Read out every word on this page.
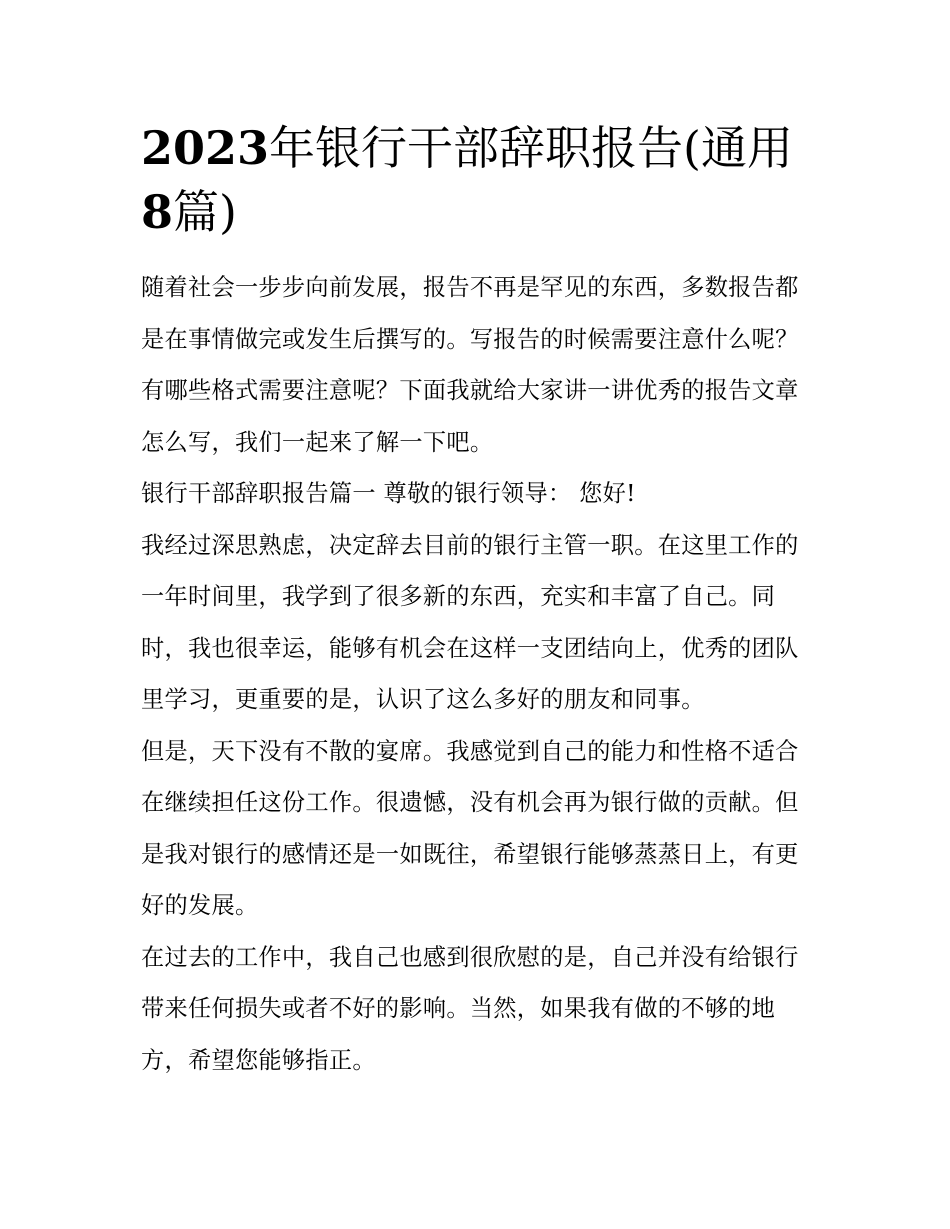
2023年银行干部辞职报告(通用
8篇)

随着社会一步步向前发展，报告不再是罕见的东西，多数报告都是在事情做完或发生后撰写的。写报告的时候需要注意什么呢？有哪些格式需要注意呢？下面我就给大家讲一讲优秀的报告文章怎么写，我们一起来了解一下吧。

银行干部辞职报告篇一 尊敬的银行领导： 您好!

我经过深思熟虑，决定辞去目前的银行主管一职。在这里工作的一年时间里，我学到了很多新的东西，充实和丰富了自己。同时，我也很幸运，能够有机会在这样一支团结向上，优秀的团队里学习，更重要的是，认识了这么多好的朋友和同事。

但是，天下没有不散的宴席。我感觉到自己的能力和性格不适合在继续担任这份工作。很遗憾，没有机会再为银行做的贡献。但是我对银行的感情还是一如既往，希望银行能够蒸蒸日上，有更好的发展。

在过去的工作中，我自己也感到很欣慰的是，自己并没有给银行带来任何损失或者不好的影响。当然，如果我有做的不够的地方，希望您能够指正。
